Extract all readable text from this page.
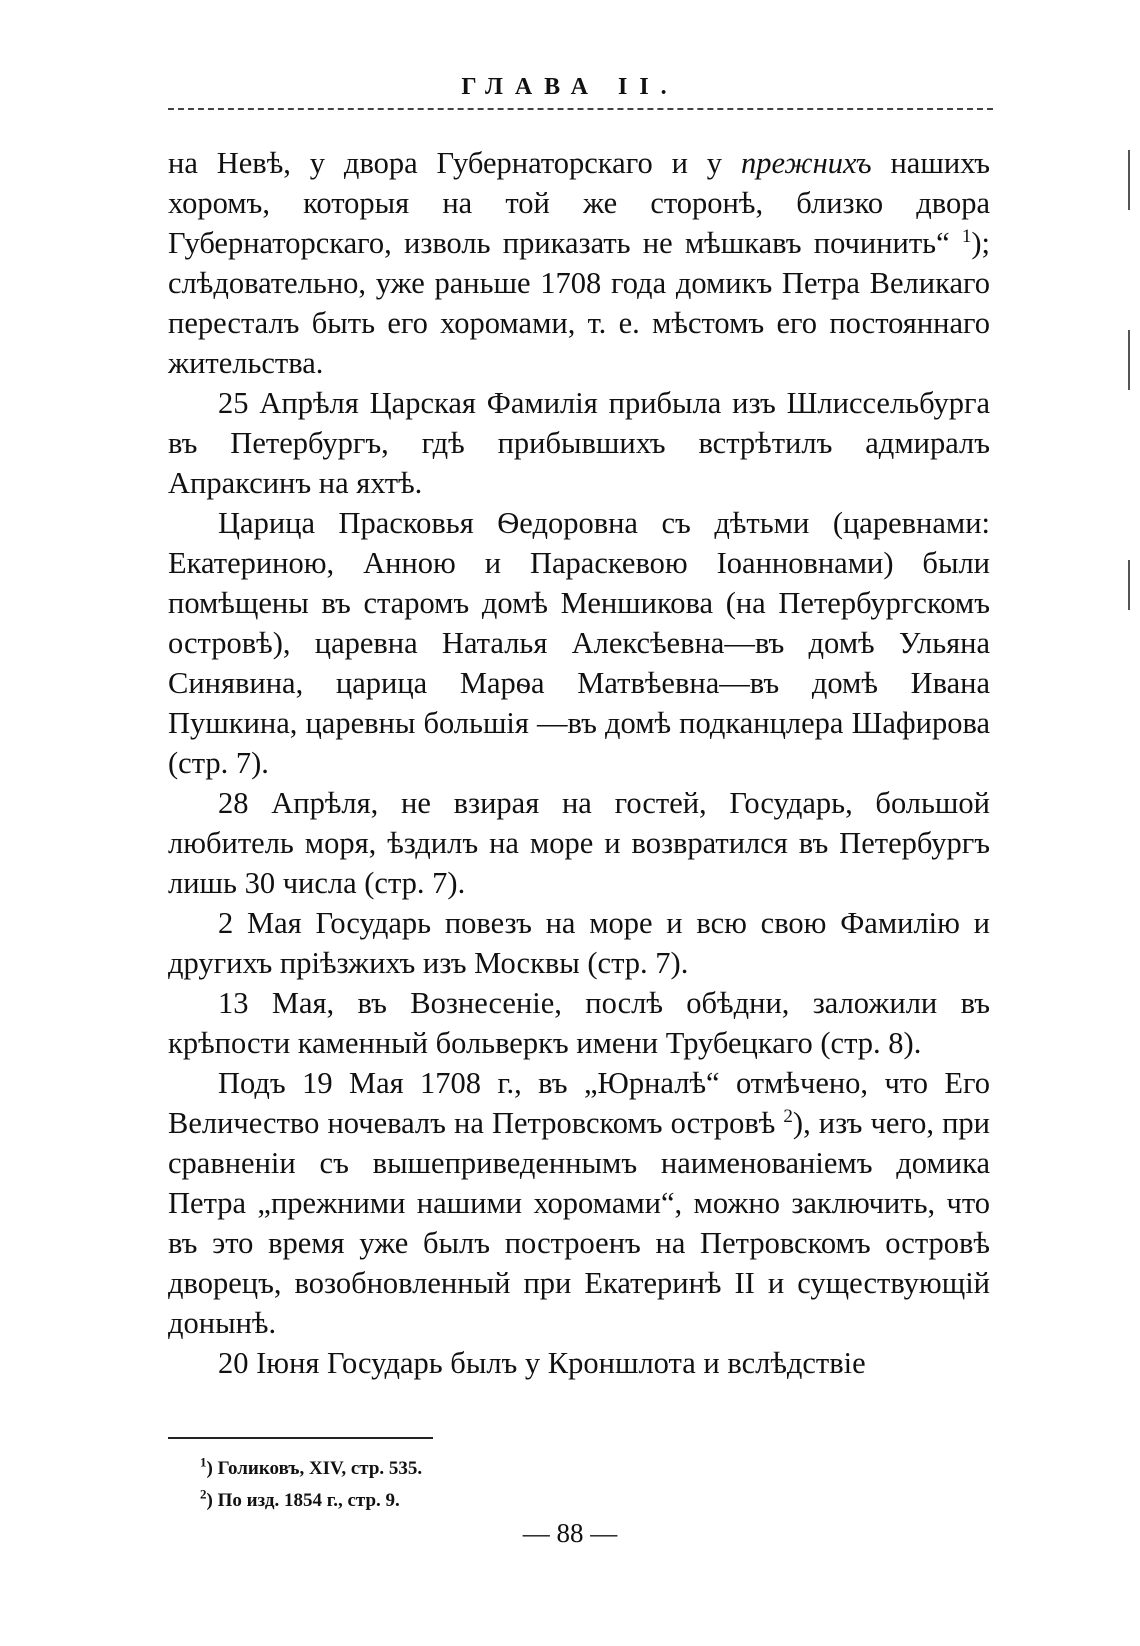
ГЛАВА II.

на Невѣ, у двора Губернаторскаго и у прежнихъ нашихъ хоромъ, которыя на той же сторонѣ, близко двора Губернаторскаго, изволь приказать не мѣшкавъ починить“ $^1$); слѣдовательно, уже раньше 1708 года домикъ Петра Великаго пересталъ быть его хоромами, т. е. мѣстомъ его постояннаго жительства.

25 Апрѣля Царская Фамилія прибыла изъ Шлиссельбурга въ Петербургъ, гдѣ прибывшихъ встрѣтилъ адмиралъ Апраксинъ на яхтѣ.

Царица Прасковья Ѳедоровна съ дѣтьми (царевнами: Екатериною, Анною и Параскевою Іоанновнами) были помѣщены въ старомъ домѣ Меншикова (на Петербургскомъ островѣ), царевна Наталья Алексѣевна—въ домѣ Ульяна Синявина, царица Марѳа Матвѣевна—въ домѣ Ивана Пушкина, царевны большія —въ домѣ подканцлера Шафирова (стр. 7).

28 Апрѣля, не взирая на гостей, Государь, большой любитель моря, ѣздилъ на море и возвратился въ Петербургъ лишь 30 числа (стр. 7).

2 Мая Государь повезъ на море и всю свою Фамилію и другихъ пріѣзжихъ изъ Москвы (стр. 7).

13 Мая, въ Вознесеніе, послѣ обѣдни, заложили въ крѣпости каменный больверкъ имени Трубецкаго (стр. 8).

Подъ 19 Мая 1708 г., въ „Юрналѣ“ отмѣчено, что Его Величество ночевалъ на Петровскомъ островѣ $^2$), изъ чего, при сравненіи съ вышеприведеннымъ наименованіемъ домика Петра „прежними нашими хоромами“, можно заключить, что въ это время уже былъ построенъ на Петровскомъ островѣ дворецъ, возобновленный при Екатеринѣ II и существующій донынѣ.

20 Іюня Государь былъ у Кроншлота и вслѣдствіе

$^1$) Голиковъ, XIV, стр. 535.
$^2$) По изд. 1854 г., стр. 9.
— 88 —
